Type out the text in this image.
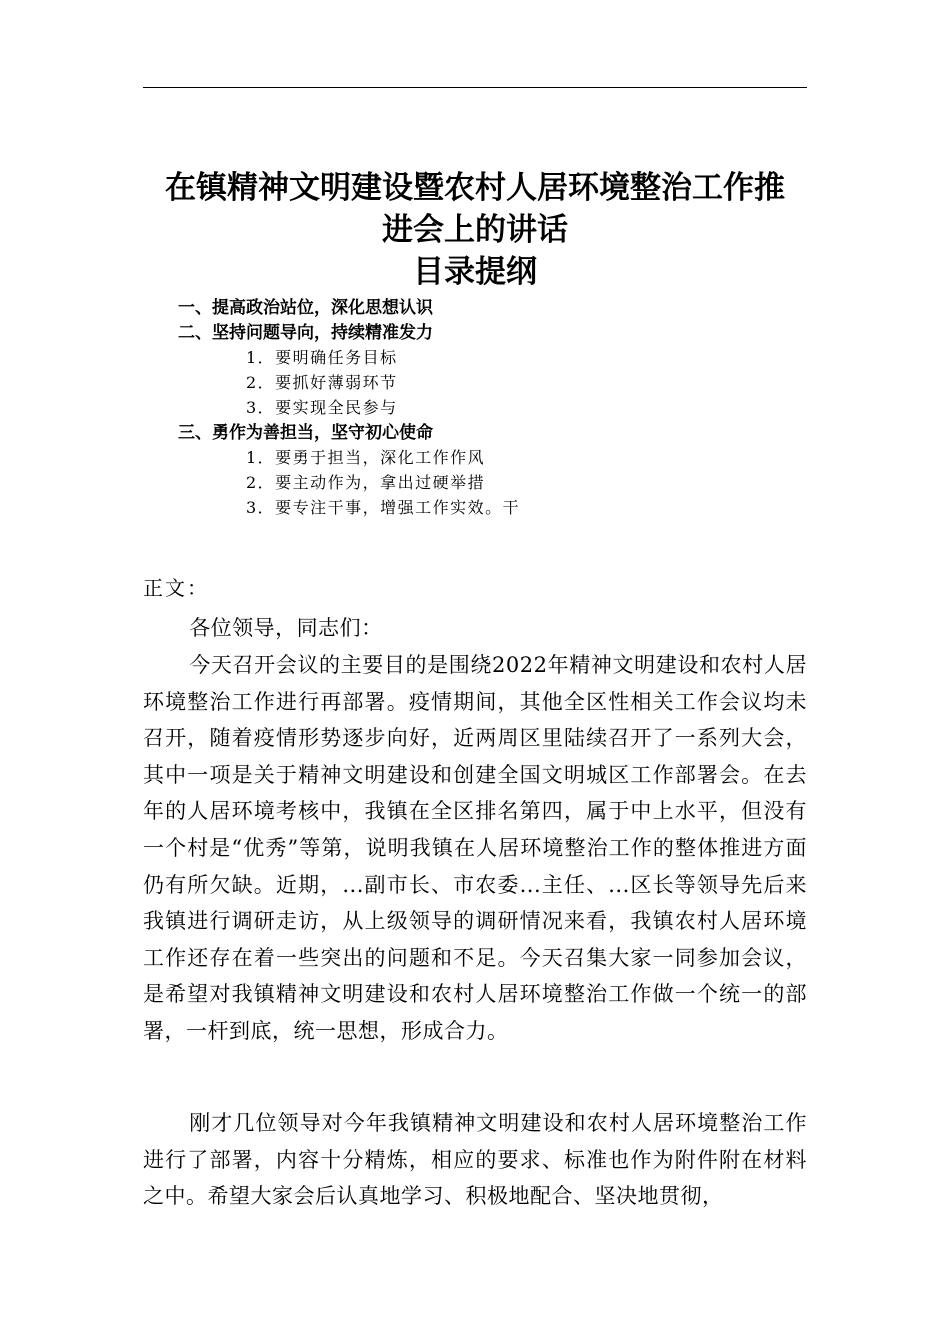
在镇精神文明建设暨农村人居环境整治工作推
进会上的讲话
目录提纲
一、提高政治站位，深化思想认识
二、坚持问题导向，持续精准发力
1．要明确任务目标
2．要抓好薄弱环节
3．要实现全民参与
三、勇作为善担当，坚守初心使命
1．要勇于担当，深化工作作风
2．要主动作为，拿出过硬举措
3．要专注干事，增强工作实效。干
正文：

各位领导，同志们：

今天召开会议的主要目的是围绕2022年精神文明建设和农村人居环境整治工作进行再部署。疫情期间，其他全区性相关工作会议均未召开，随着疫情形势逐步向好，近两周区里陆续召开了一系列大会，其中一项是关于精神文明建设和创建全国文明城区工作部署会。在去年的人居环境考核中，我镇在全区排名第四，属于中上水平，但没有一个村是“优秀”等第，说明我镇在人居环境整治工作的整体推进方面仍有所欠缺。近期，...副市长、市农委...主任、...区长等领导先后来我镇进行调研走访，从上级领导的调研情况来看，我镇农村人居环境工作还存在着一些突出的问题和不足。今天召集大家一同参加会议，是希望对我镇精神文明建设和农村人居环境整治工作做一个统一的部署，一杆到底，统一思想，形成合力。

刚才几位领导对今年我镇精神文明建设和农村人居环境整治工作进行了部署，内容十分精炼，相应的要求、标准也作为附件附在材料之中。希望大家会后认真地学习、积极地配合、坚决地贯彻，
